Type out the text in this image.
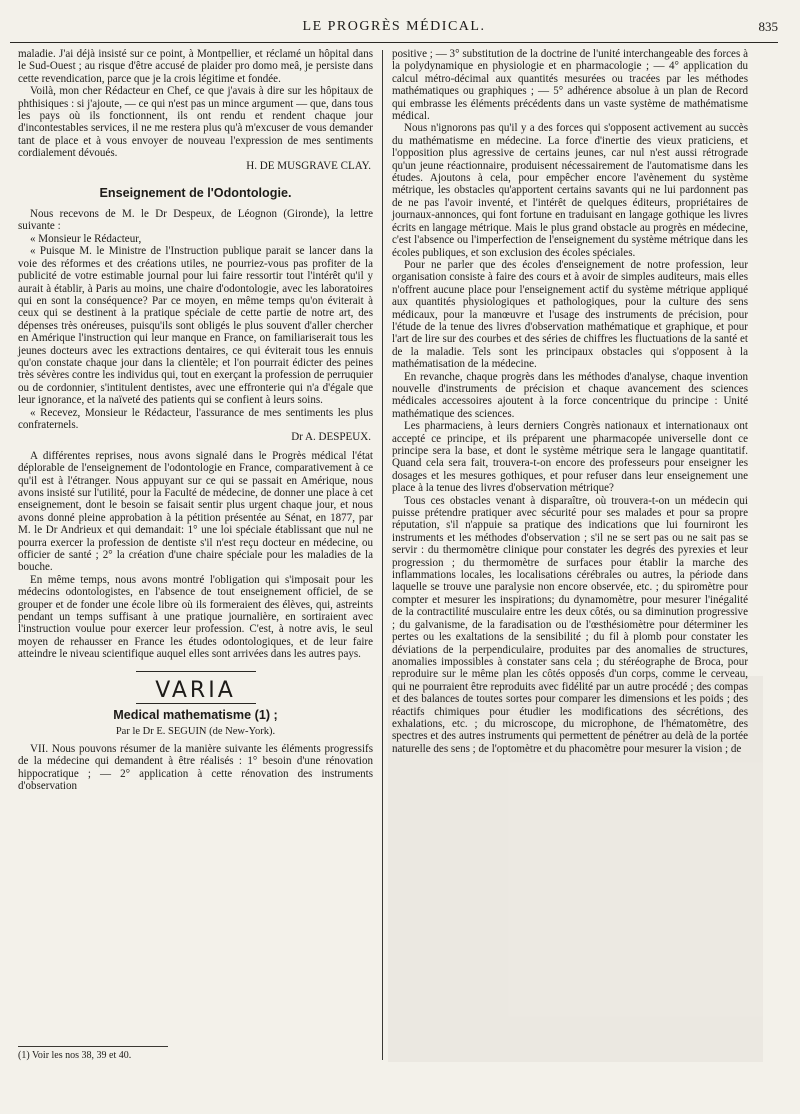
LE PROGRÈS MÉDICAL.	835

maladie. J'ai déjà insisté sur ce point, à Montpellier, et réclamé un hôpital dans le Sud-Ouest ; au risque d'être accusé de plaider pro domo meâ, je persiste dans cette revendication, parce que je la crois légitime et fondée.

Voilà, mon cher Rédacteur en Chef, ce que j'avais à dire sur les hôpitaux de phthisiques : si j'ajoute, — ce qui n'est pas un mince argument — que, dans tous les pays où ils fonctionnent, ils ont rendu et rendent chaque jour d'incontestables services, il ne me restera plus qu'à m'excuser de vous demander tant de place et à vous envoyer de nouveau l'expression de mes sentiments cordialement dévoués.

H. DE MUSGRAVE CLAY.

Enseignement de l'Odontologie.

Nous recevons de M. le Dr Despeux, de Léognon (Gironde), la lettre suivante :

« Monsieur le Rédacteur,

« Puisque M. le Ministre de l'Instruction publique parait se lancer dans la voie des réformes et des créations utiles, ne pourriez-vous pas profiter de la publicité de votre estimable journal pour lui faire ressortir tout l'intérêt qu'il y aurait à établir, à Paris au moins, une chaire d'odontologie, avec les laboratoires qui en sont la conséquence? Par ce moyen, en même temps qu'on éviterait à ceux qui se destinent à la pratique spéciale de cette partie de notre art, des dépenses très onéreuses, puisqu'ils sont obligés le plus souvent d'aller chercher en Amérique l'instruction qui leur manque en France, on familiariserait tous les jeunes docteurs avec les extractions dentaires, ce qui éviterait tous les ennuis qu'on constate chaque jour dans la clientèle; et l'on pourrait édicter des peines très sévères contre les individus qui, tout en exerçant la profession de perruquier ou de cordonnier, s'intitulent dentistes, avec une effronterie qui n'a d'égale que leur ignorance, et la naïveté des patients qui se confient à leurs soins.

« Recevez, Monsieur le Rédacteur, l'assurance de mes sentiments les plus confraternels.

Dr A. DESPEUX.

A différentes reprises, nous avons signalé dans le Progrès médical l'état déplorable de l'enseignement de l'odontologie en France, comparativement à ce qu'il est à l'étranger. Nous appuyant sur ce qui se passait en Amérique, nous avons insisté sur l'utilité, pour la Faculté de médecine, de donner une place à cet enseignement, dont le besoin se faisait sentir plus urgent chaque jour, et nous avons donné pleine approbation à la pétition présentée au Sénat, en 1877, par M. le Dr Andrieux et qui demandait: 1° une loi spéciale établissant que nul ne pourra exercer la profession de dentiste s'il n'est reçu docteur en médecine, ou officier de santé ; 2° la création d'une chaire spéciale pour les maladies de la bouche.

En même temps, nous avons montré l'obligation qui s'imposait pour les médecins odontologistes, en l'absence de tout enseignement officiel, de se grouper et de fonder une école libre où ils formeraient des élèves, qui, astreints pendant un temps suffisant à une pratique journalière, en sortiraient avec l'instruction voulue pour exercer leur profession. C'est, à notre avis, le seul moyen de rehausser en France les études odontologiques, et de leur faire atteindre le niveau scientifique auquel elles sont arrivées dans les autres pays.

VARIA
Medical mathematisme (1) ;
Par le Dr E. SEGUIN (de New-York).

VII. Nous pouvons résumer de la manière suivante les éléments progressifs de la médecine qui demandent à être réalisés : 1° besoin d'une rénovation hippocratique ; — 2° application à cette rénovation des instruments d'observation

(1) Voir les nos 38, 39 et 40.

positive ; — 3° substitution de la doctrine de l'unité interchangeable des forces à la polydynamique en physiologie et en pharmacologie ; — 4° application du calcul métro-décimal aux quantités mesurées ou tracées par les méthodes mathématiques ou graphiques ; — 5° adhérence absolue à un plan de Record qui embrasse les éléments précédents dans un vaste système de mathématisme médical.

Nous n'ignorons pas qu'il y a des forces qui s'opposent activement au succès du mathématisme en médecine. La force d'inertie des vieux praticiens, et l'opposition plus agressive de certains jeunes, car nul n'est aussi rétrograde qu'un jeune réactionnaire, produisent nécessairement de l'automatisme dans les études. Ajoutons à cela, pour empêcher encore l'avènement du système métrique, les obstacles qu'apportent certains savants qui ne lui pardonnent pas de ne pas l'avoir inventé, et l'intérêt de quelques éditeurs, propriétaires de journaux-annonces, qui font fortune en traduisant en langage gothique les livres écrits en langage métrique. Mais le plus grand obstacle au progrès en médecine, c'est l'absence ou l'imperfection de l'enseignement du système métrique dans les écoles publiques, et son exclusion des écoles spéciales.

Pour ne parler que des écoles d'enseignement de notre profession, leur organisation consiste à faire des cours et à avoir de simples auditeurs, mais elles n'offrent aucune place pour l'enseignement actif du système métrique appliqué aux quantités physiologiques et pathologiques, pour la culture des sens médicaux, pour la manœuvre et l'usage des instruments de précision, pour l'étude de la tenue des livres d'observation mathématique et graphique, et pour l'art de lire sur des courbes et des séries de chiffres les fluctuations de la santé et de la maladie. Tels sont les principaux obstacles qui s'opposent à la mathématisation de la médecine.

En revanche, chaque progrès dans les méthodes d'analyse, chaque invention nouvelle d'instruments de précision et chaque avancement des sciences médicales accessoires ajoutent à la force concentrique du principe : Unité mathématique des sciences.

Les pharmaciens, à leurs derniers Congrès nationaux et internationaux ont accepté ce principe, et ils préparent une pharmacopée universelle dont ce principe sera la base, et dont le système métrique sera le langage quantitatif. Quand cela sera fait, trouvera-t-on encore des professeurs pour enseigner les dosages et les mesures gothiques, et pour refuser dans leur enseignement une place à la tenue des livres d'observation métrique?

Tous ces obstacles venant à disparaître, où trouvera-t-on un médecin qui puisse prétendre pratiquer avec sécurité pour ses malades et pour sa propre réputation, s'il n'appuie sa pratique des indications que lui fourniront les instruments et les méthodes d'observation ; s'il ne se sert pas ou ne sait pas se servir : du thermomètre clinique pour constater les degrés des pyrexies et leur progression ; du thermomètre de surfaces pour établir la marche des inflammations locales, les localisations cérébrales ou autres, la période dans laquelle se trouve une paralysie non encore observée, etc. ; du spiromètre pour compter et mesurer les inspirations; du dynamomètre, pour mesurer l'inégalité de la contractilité musculaire entre les deux côtés, ou sa diminution progressive ; du galvanisme, de la faradisation ou de l'œsthésiomètre pour déterminer les pertes ou les exaltations de la sensibilité ; du fil à plomb pour constater les déviations de la perpendiculaire, produites par des anomalies de structures, anomalies impossibles à constater sans cela ; du stéréographe de Broca, pour reproduire sur le même plan les côtés opposés d'un corps, comme le cerveau, qui ne pourraient être reproduits avec fidélité par un autre procédé ; des compas et des balances de toutes sortes pour comparer les dimensions et les poids ; des réactifs chimiques pour étudier les modifications des sécrétions, des exhalations, etc. ; du microscope, du microphone, de l'hématomètre, des spectres et des autres instruments qui permettent de pénétrer au delà de la portée naturelle des sens ; de l'optomètre et du phacomètre pour mesurer la vision ; de
